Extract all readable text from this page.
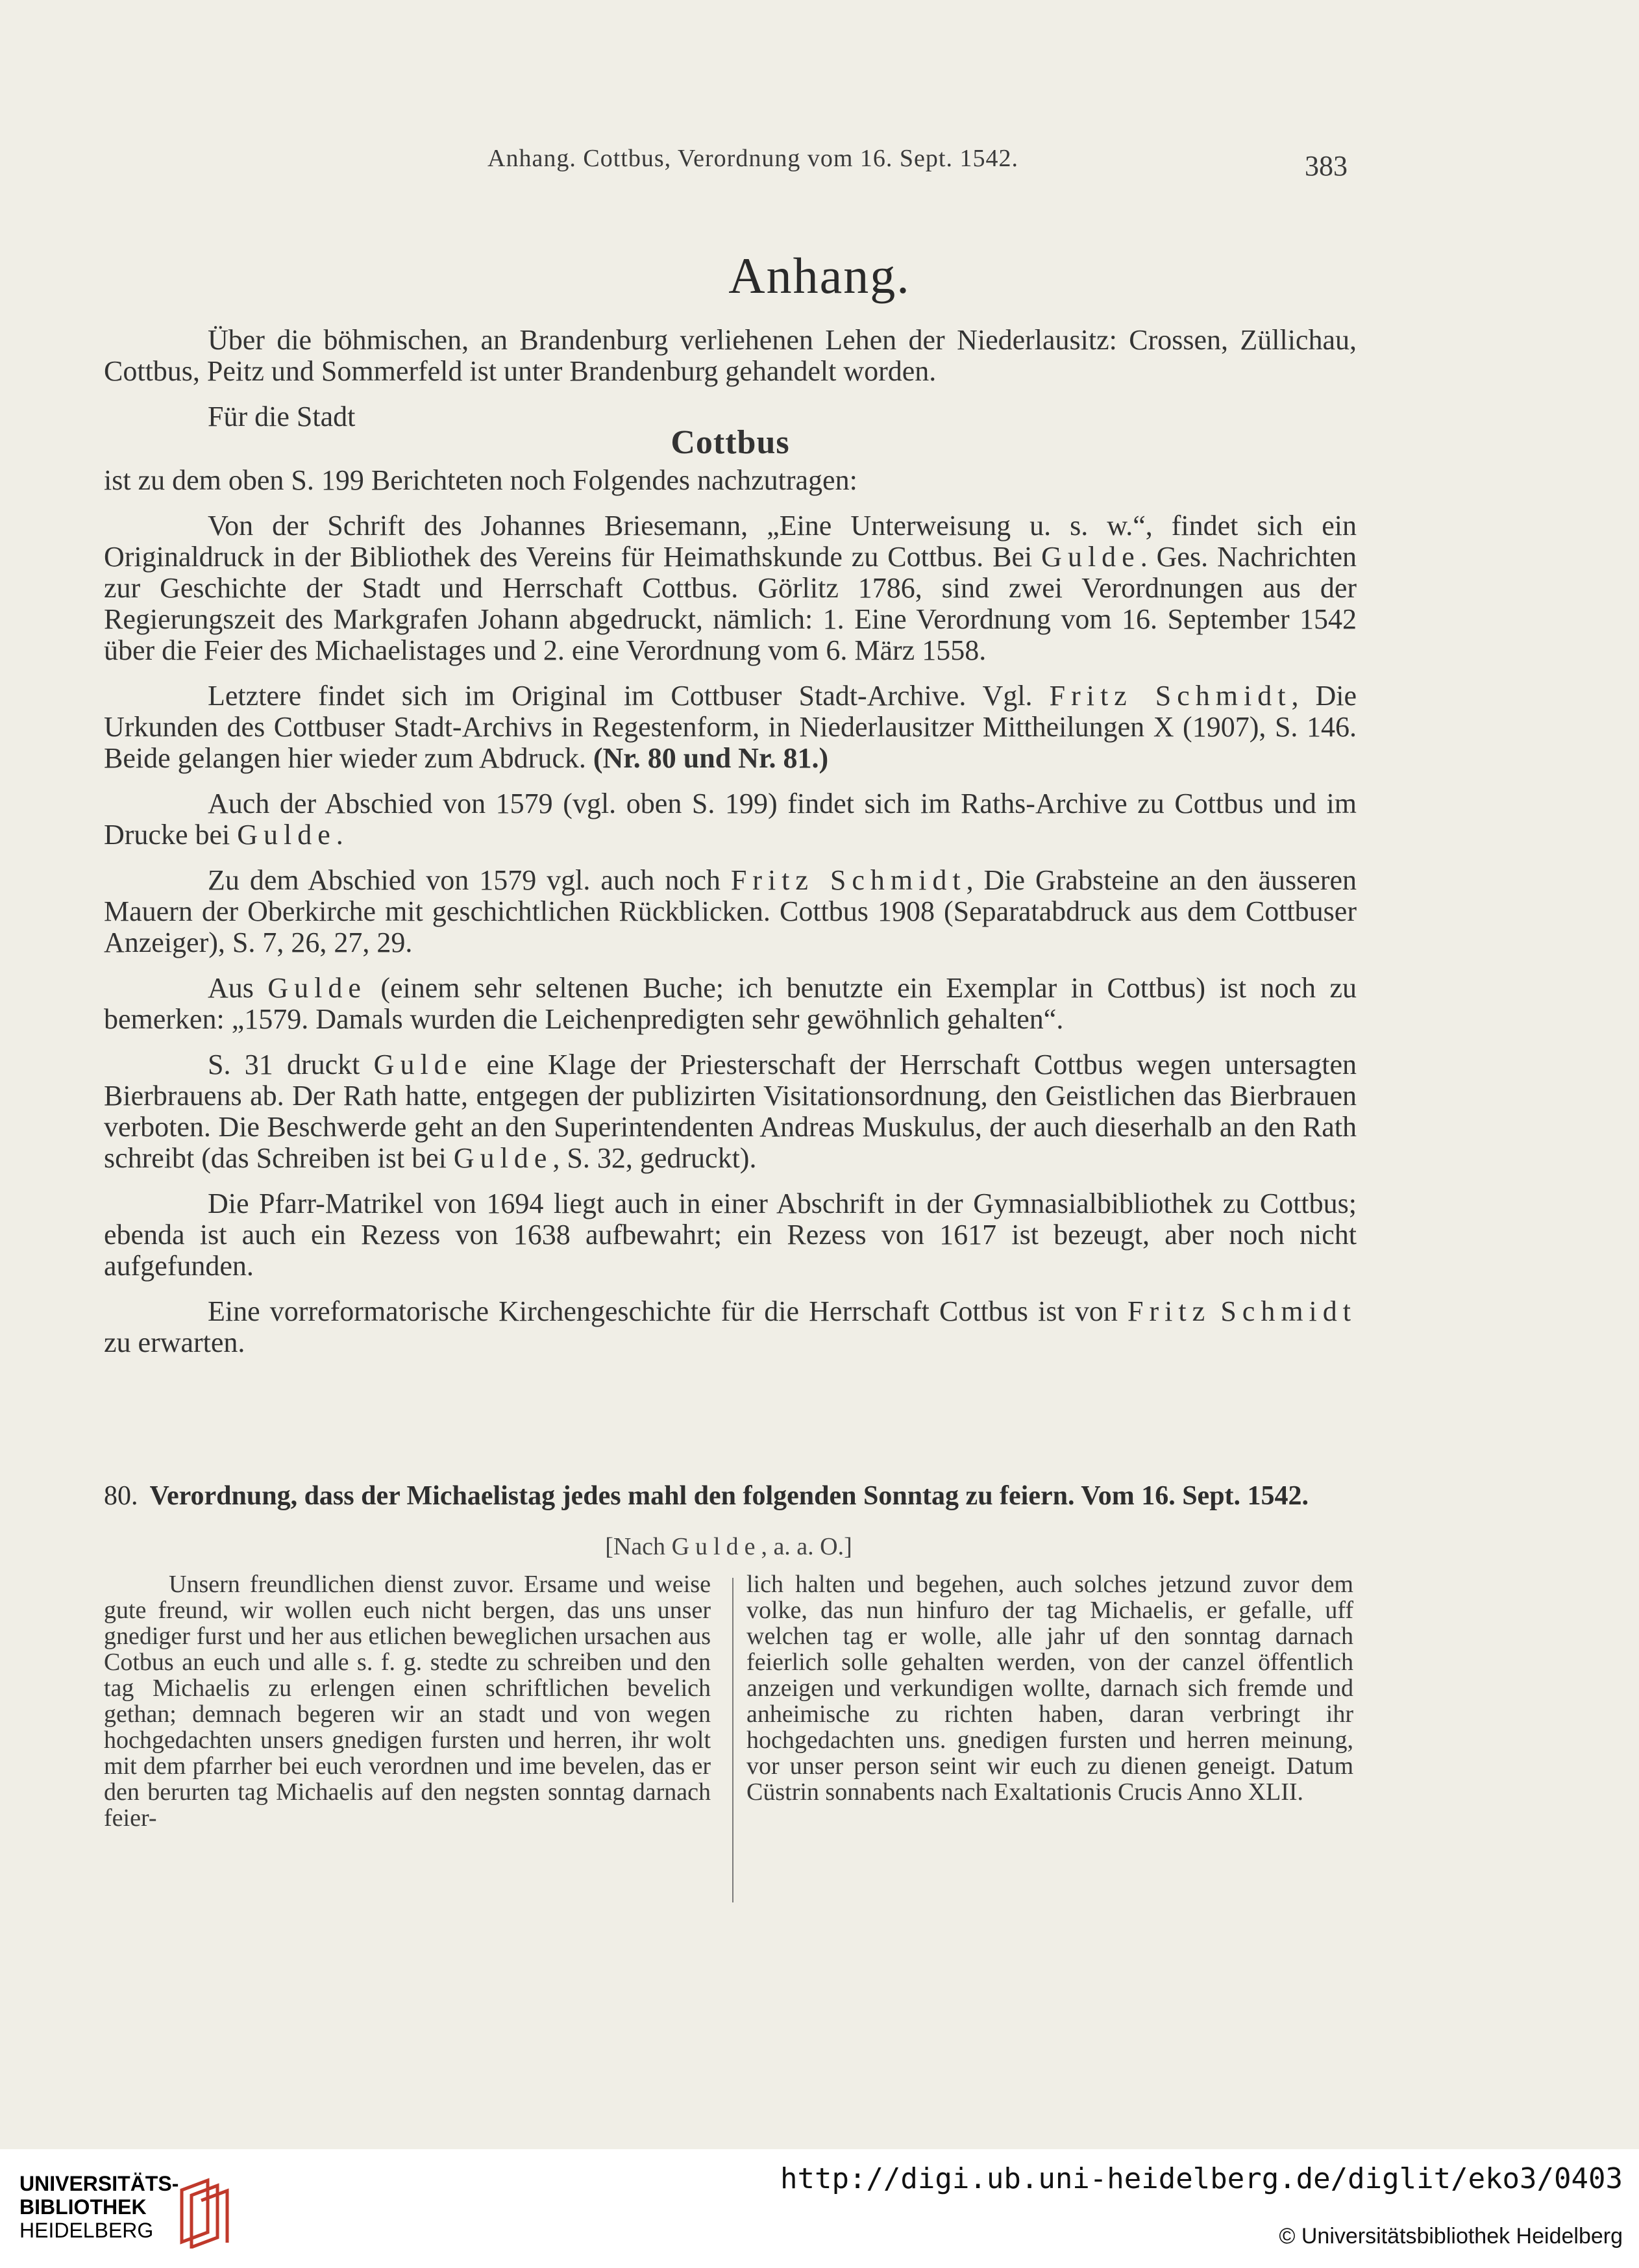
Anhang. Cottbus, Verordnung vom 16. Sept. 1542.	383
Anhang.

Über die böhmischen, an Brandenburg verliehenen Lehen der Niederlausitz: Crossen, Züllichau, Cottbus, Peitz und Sommerfeld ist unter Brandenburg gehandelt worden.

Für die Stadt

Cottbus

ist zu dem oben S. 199 Berichteten noch Folgendes nachzutragen:

Von der Schrift des Johannes Briesemann, „Eine Unterweisung u. s. w.“, findet sich ein Originaldruck in der Bibliothek des Vereins für Heimathskunde zu Cottbus. Bei Gulde. Ges. Nachrichten zur Geschichte der Stadt und Herrschaft Cottbus. Görlitz 1786, sind zwei Verordnungen aus der Regierungszeit des Markgrafen Johann abgedruckt, nämlich: 1. Eine Verordnung vom 16. September 1542 über die Feier des Michaelistages und 2. eine Verordnung vom 6. März 1558.

Letztere findet sich im Original im Cottbuser Stadt-Archive. Vgl. Fritz Schmidt, Die Urkunden des Cottbuser Stadt-Archivs in Regestenform, in Niederlausitzer Mittheilungen X (1907), S. 146. Beide gelangen hier wieder zum Abdruck. (Nr. 80 und Nr. 81.)

Auch der Abschied von 1579 (vgl. oben S. 199) findet sich im Raths-Archive zu Cottbus und im Drucke bei Gulde.

Zu dem Abschied von 1579 vgl. auch noch Fritz Schmidt, Die Grabsteine an den äusseren Mauern der Oberkirche mit geschichtlichen Rückblicken. Cottbus 1908 (Separatabdruck aus dem Cottbuser Anzeiger), S. 7, 26, 27, 29.

Aus Gulde (einem sehr seltenen Buche; ich benutzte ein Exemplar in Cottbus) ist noch zu bemerken: „1579. Damals wurden die Leichenpredigten sehr gewöhnlich gehalten“.

S. 31 druckt Gulde eine Klage der Priesterschaft der Herrschaft Cottbus wegen untersagten Bierbrauens ab. Der Rath hatte, entgegen der publizirten Visitationsordnung, den Geistlichen das Bierbrauen verboten. Die Beschwerde geht an den Superintendenten Andreas Muskulus, der auch dieserhalb an den Rath schreibt (das Schreiben ist bei Gulde, S. 32, gedruckt).

Die Pfarr-Matrikel von 1694 liegt auch in einer Abschrift in der Gymnasialbibliothek zu Cottbus; ebenda ist auch ein Rezess von 1638 aufbewahrt; ein Rezess von 1617 ist bezeugt, aber noch nicht aufgefunden.

Eine vorreformatorische Kirchengeschichte für die Herrschaft Cottbus ist von Fritz Schmidt zu erwarten.

80. Verordnung, dass der Michaelistag jedes mahl den folgenden Sonntag zu feiern. Vom 16. Sept. 1542.
[Nach Gulde, a. a. O.]
Unsern freundlichen dienst zuvor. Ersame und weise gute freund, wir wollen euch nicht bergen, das uns unser gnediger furst und her aus etlichen beweglichen ursachen aus Cotbus an euch und alle s. f. g. stedte zu schreiben und den tag Michaelis zu erlengen einen schriftlichen bevelich gethan; demnach begeren wir an stadt und von wegen hochgedachten unsers gnedigen fursten und herren, ihr wolt mit dem pfarrher bei euch verordnen und ime bevelen, das er den berurten tag Michaelis auf den negsten sonntag darnach feier-
lich halten und begehen, auch solches jetzund zuvor dem volke, das nun hinfuro der tag Michaelis, er gefalle, uff welchen tag er wolle, alle jahr uf den sonntag darnach feierlich solle gehalten werden, von der canzel öffentlich anzeigen und verkundigen wollte, darnach sich fremde und anheimische zu richten haben, daran verbringt ihr hochgedachten uns. gnedigen fursten und herren meinung, vor unser person seint wir euch zu dienen geneigt. Datum Cüstrin sonnabents nach Exaltationis Crucis Anno XLII.
UNIVERSITÄTS-
BIBLIOTHEK
HEIDELBERG
http://digi.ub.uni-heidelberg.de/diglit/eko3/0403
© Universitätsbibliothek Heidelberg
